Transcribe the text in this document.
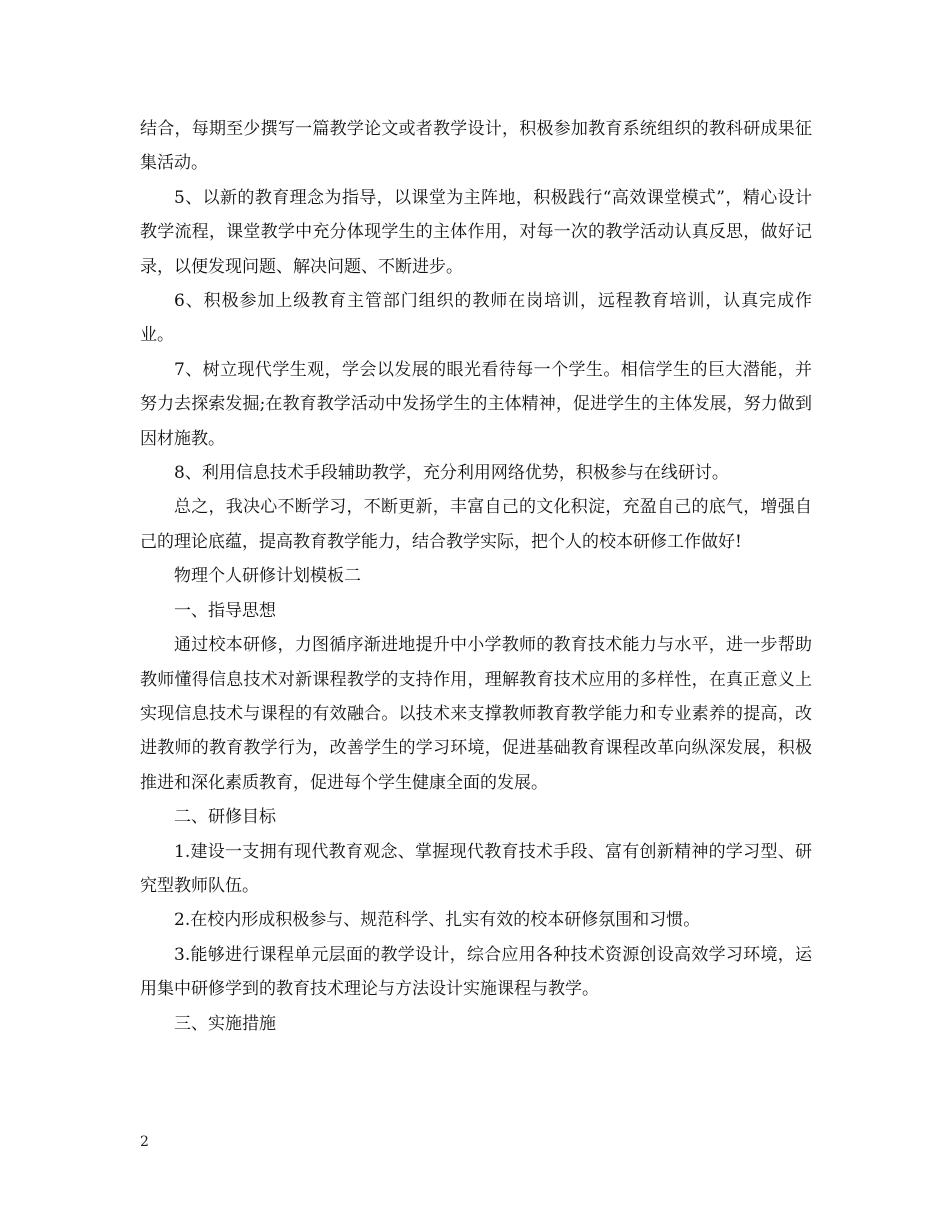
结合，每期至少撰写一篇教学论文或者教学设计，积极参加教育系统组织的教科研成果征集活动。

5、以新的教育理念为指导，以课堂为主阵地，积极践行“高效课堂模式”，精心设计教学流程，课堂教学中充分体现学生的主体作用，对每一次的教学活动认真反思，做好记录，以便发现问题、解决问题、不断进步。

6、积极参加上级教育主管部门组织的教师在岗培训，远程教育培训，认真完成作业。

7、树立现代学生观，学会以发展的眼光看待每一个学生。相信学生的巨大潜能，并努力去探索发掘;在教育教学活动中发扬学生的主体精神，促进学生的主体发展，努力做到因材施教。

8、利用信息技术手段辅助教学，充分利用网络优势，积极参与在线研讨。

总之，我决心不断学习，不断更新，丰富自己的文化积淀，充盈自己的底气，增强自己的理论底蕴，提高教育教学能力，结合教学实际，把个人的校本研修工作做好!

物理个人研修计划模板二

一、指导思想

通过校本研修，力图循序渐进地提升中小学教师的教育技术能力与水平，进一步帮助教师懂得信息技术对新课程教学的支持作用，理解教育技术应用的多样性，在真正意义上实现信息技术与课程的有效融合。以技术来支撑教师教育教学能力和专业素养的提高，改进教师的教育教学行为，改善学生的学习环境，促进基础教育课程改革向纵深发展，积极推进和深化素质教育，促进每个学生健康全面的发展。

二、研修目标

1.建设一支拥有现代教育观念、掌握现代教育技术手段、富有创新精神的学习型、研究型教师队伍。

2.在校内形成积极参与、规范科学、扎实有效的校本研修氛围和习惯。

3.能够进行课程单元层面的教学设计，综合应用各种技术资源创设高效学习环境，运用集中研修学到的教育技术理论与方法设计实施课程与教学。

三、实施措施

2
